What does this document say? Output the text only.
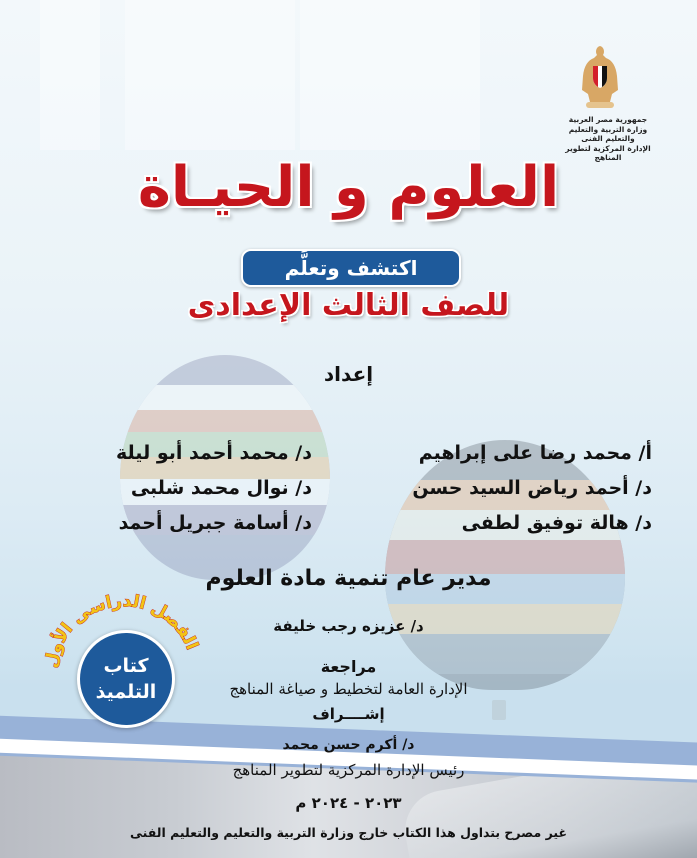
جمهورية مصر العربية
وزارة التربية والتعليم
والتعليم الفنى
الإدارة المركزية لتطوير المناهج
العلوم و الحيـاة
اكتشف وتعلَّم
للصف الثالث الإعدادى
إعداد
أ/ محمد رضا على إبراهيم
د/ أحمد رياض السيد حسن
د/ هالة توفيق لطفى
د/ محمد أحمد أبو ليلة
د/ نوال محمد شلبى
د/ أسامة جبريل أحمد
مدير عام تنمية مادة العلوم
د/ عزيزه رجب خليفة
مراجعة
الإدارة العامة لتخطيط و صياغة المناهج
إشــــراف
د/ أكرم حسن محمد
رئيس الإدارة المركزية لتطوير المناهج
٢٠٢٣ - ٢٠٢٤ م
غير مصرح بتداول هذا الكتاب خارج وزارة التربية والتعليم والتعليم الفنى
الفصل الدراسى الأول
كتاب
التلميذ
